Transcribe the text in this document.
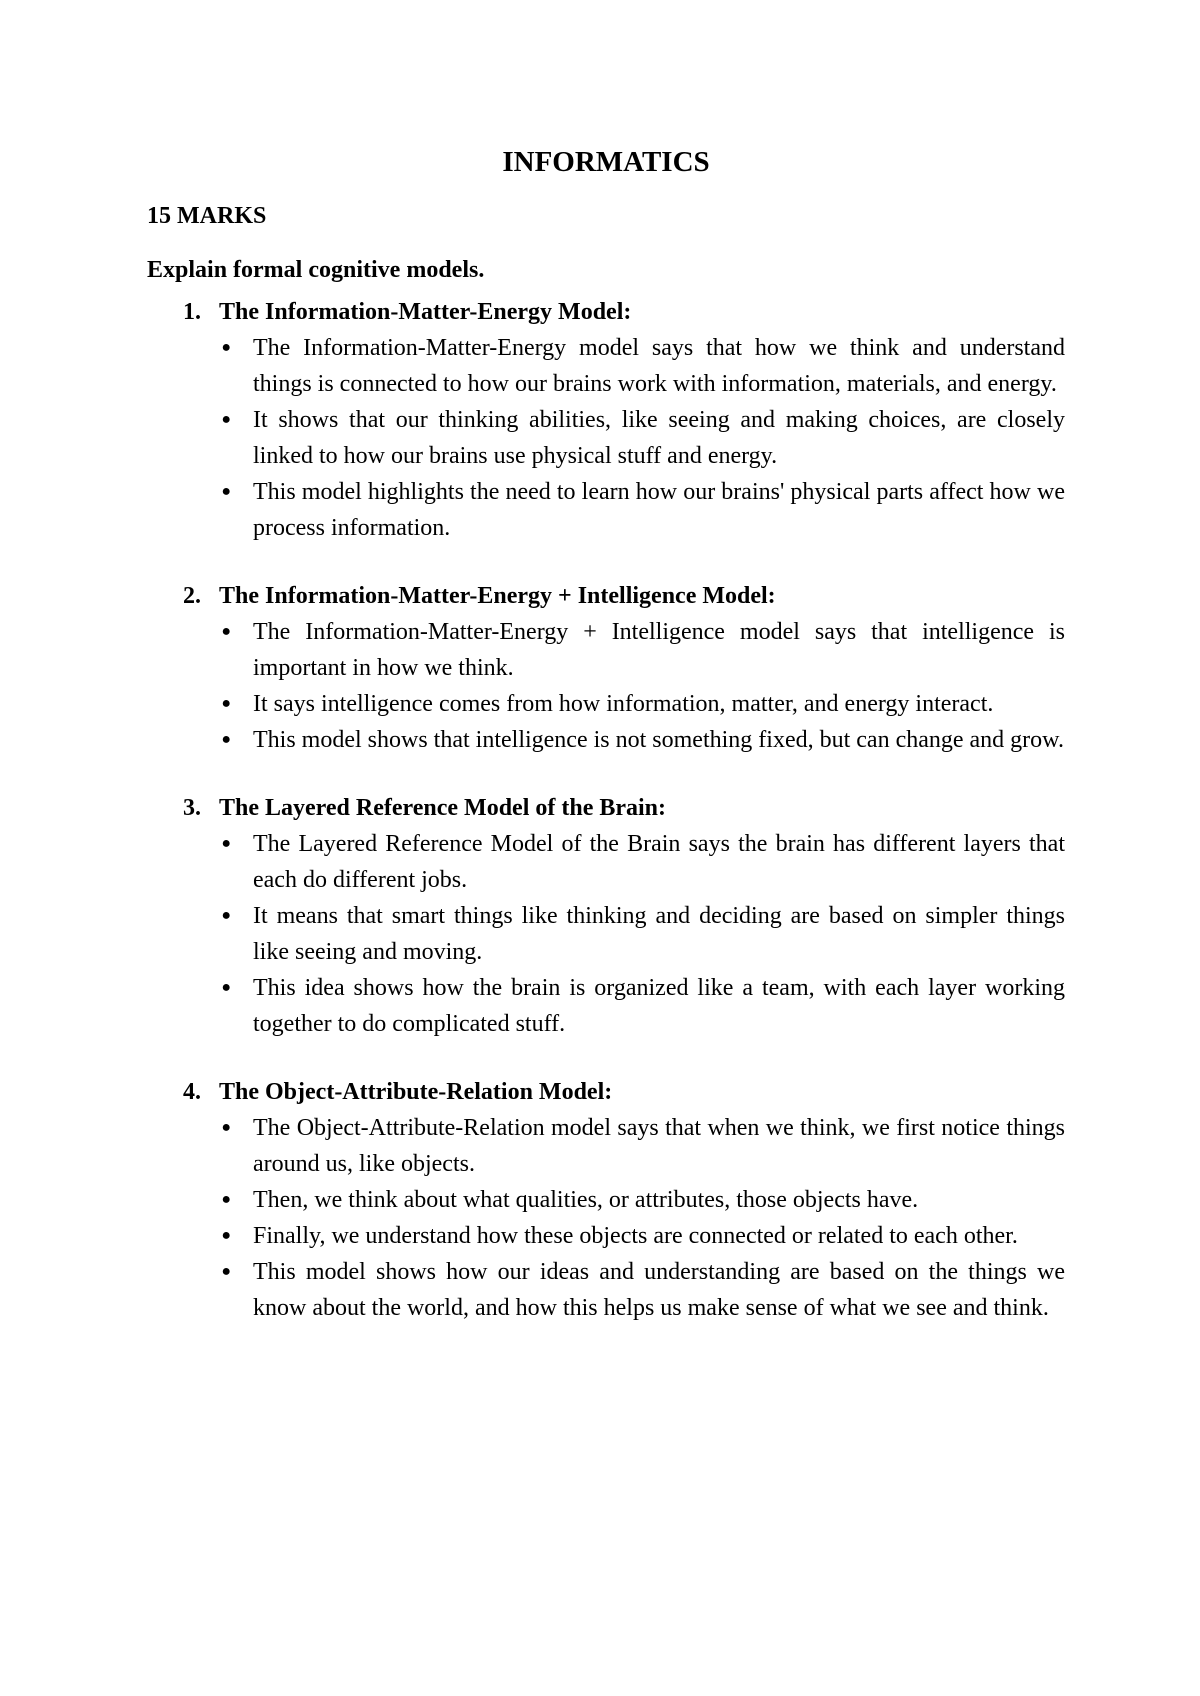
INFORMATICS
15 MARKS
Explain formal cognitive models.
1. The Information-Matter-Energy Model:
● The Information-Matter-Energy model says that how we think and understand things is connected to how our brains work with information, materials, and energy.
● It shows that our thinking abilities, like seeing and making choices, are closely linked to how our brains use physical stuff and energy.
● This model highlights the need to learn how our brains' physical parts affect how we process information.
2. The Information-Matter-Energy + Intelligence Model:
● The Information-Matter-Energy + Intelligence model says that intelligence is important in how we think.
● It says intelligence comes from how information, matter, and energy interact.
● This model shows that intelligence is not something fixed, but can change and grow.
3. The Layered Reference Model of the Brain:
● The Layered Reference Model of the Brain says the brain has different layers that each do different jobs.
● It means that smart things like thinking and deciding are based on simpler things like seeing and moving.
● This idea shows how the brain is organized like a team, with each layer working together to do complicated stuff.
4. The Object-Attribute-Relation Model:
● The Object-Attribute-Relation model says that when we think, we first notice things around us, like objects.
● Then, we think about what qualities, or attributes, those objects have.
● Finally, we understand how these objects are connected or related to each other.
● This model shows how our ideas and understanding are based on the things we know about the world, and how this helps us make sense of what we see and think.
